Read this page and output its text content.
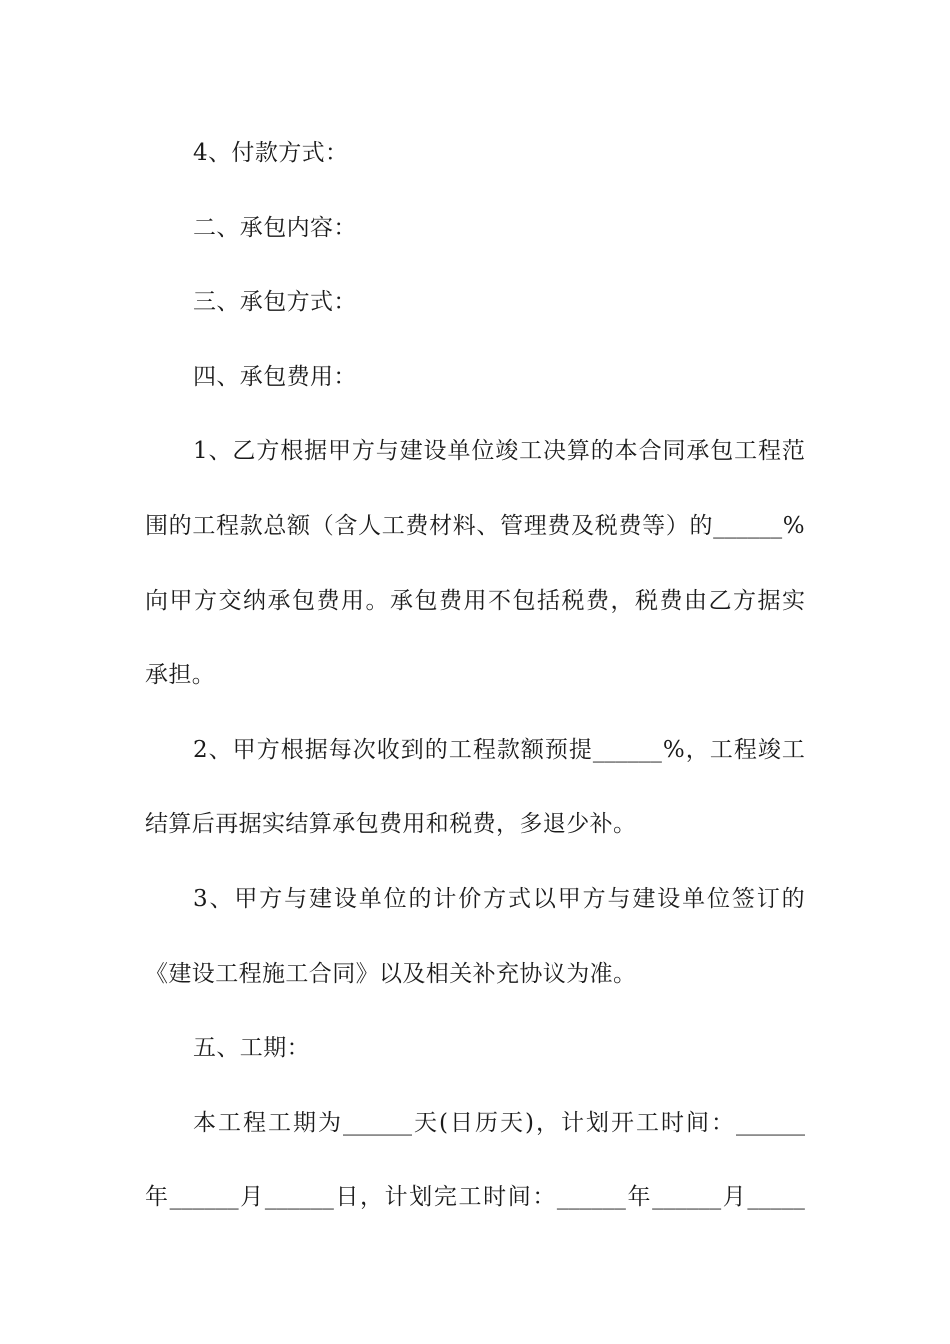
4、付款方式：
二、承包内容：
三、承包方式：
四、承包费用：
1 、 乙 方 根 据 甲 方 与 建 设 单 位 竣 工 决 算 的 本 合 同 承 包 工 程 范
围 的 工 程 款 总 额 （ 含 人 工 费 材 料 、 管 理 费 及 税 费 等 ） 的 ______ %
向 甲 方 交 纳 承 包 费 用 。 承 包 费 用 不 包 括 税 费 ， 税 费 由 乙 方 据 实
承担。
2 、 甲 方 根 据 每 次 收 到 的 工 程 款 额 预 提 ______ % ， 工 程 竣 工
结算后再据实结算承包费用和税费，多退少补。
3 、 甲 方 与 建 设 单 位 的 计 价 方 式 以 甲 方 与 建 设 单 位 签 订 的
《建设工程施工合同》以及相关补充协议为准。
五、工期：
本 工 程 工 期 为 ______ 天 ( 日 历 天 ) ， 计 划 开 工 时 间 ： ______
年 ______ 月 ______ 日 ， 计 划 完 工 时 间 ： ______ 年 ______ 月 _____
